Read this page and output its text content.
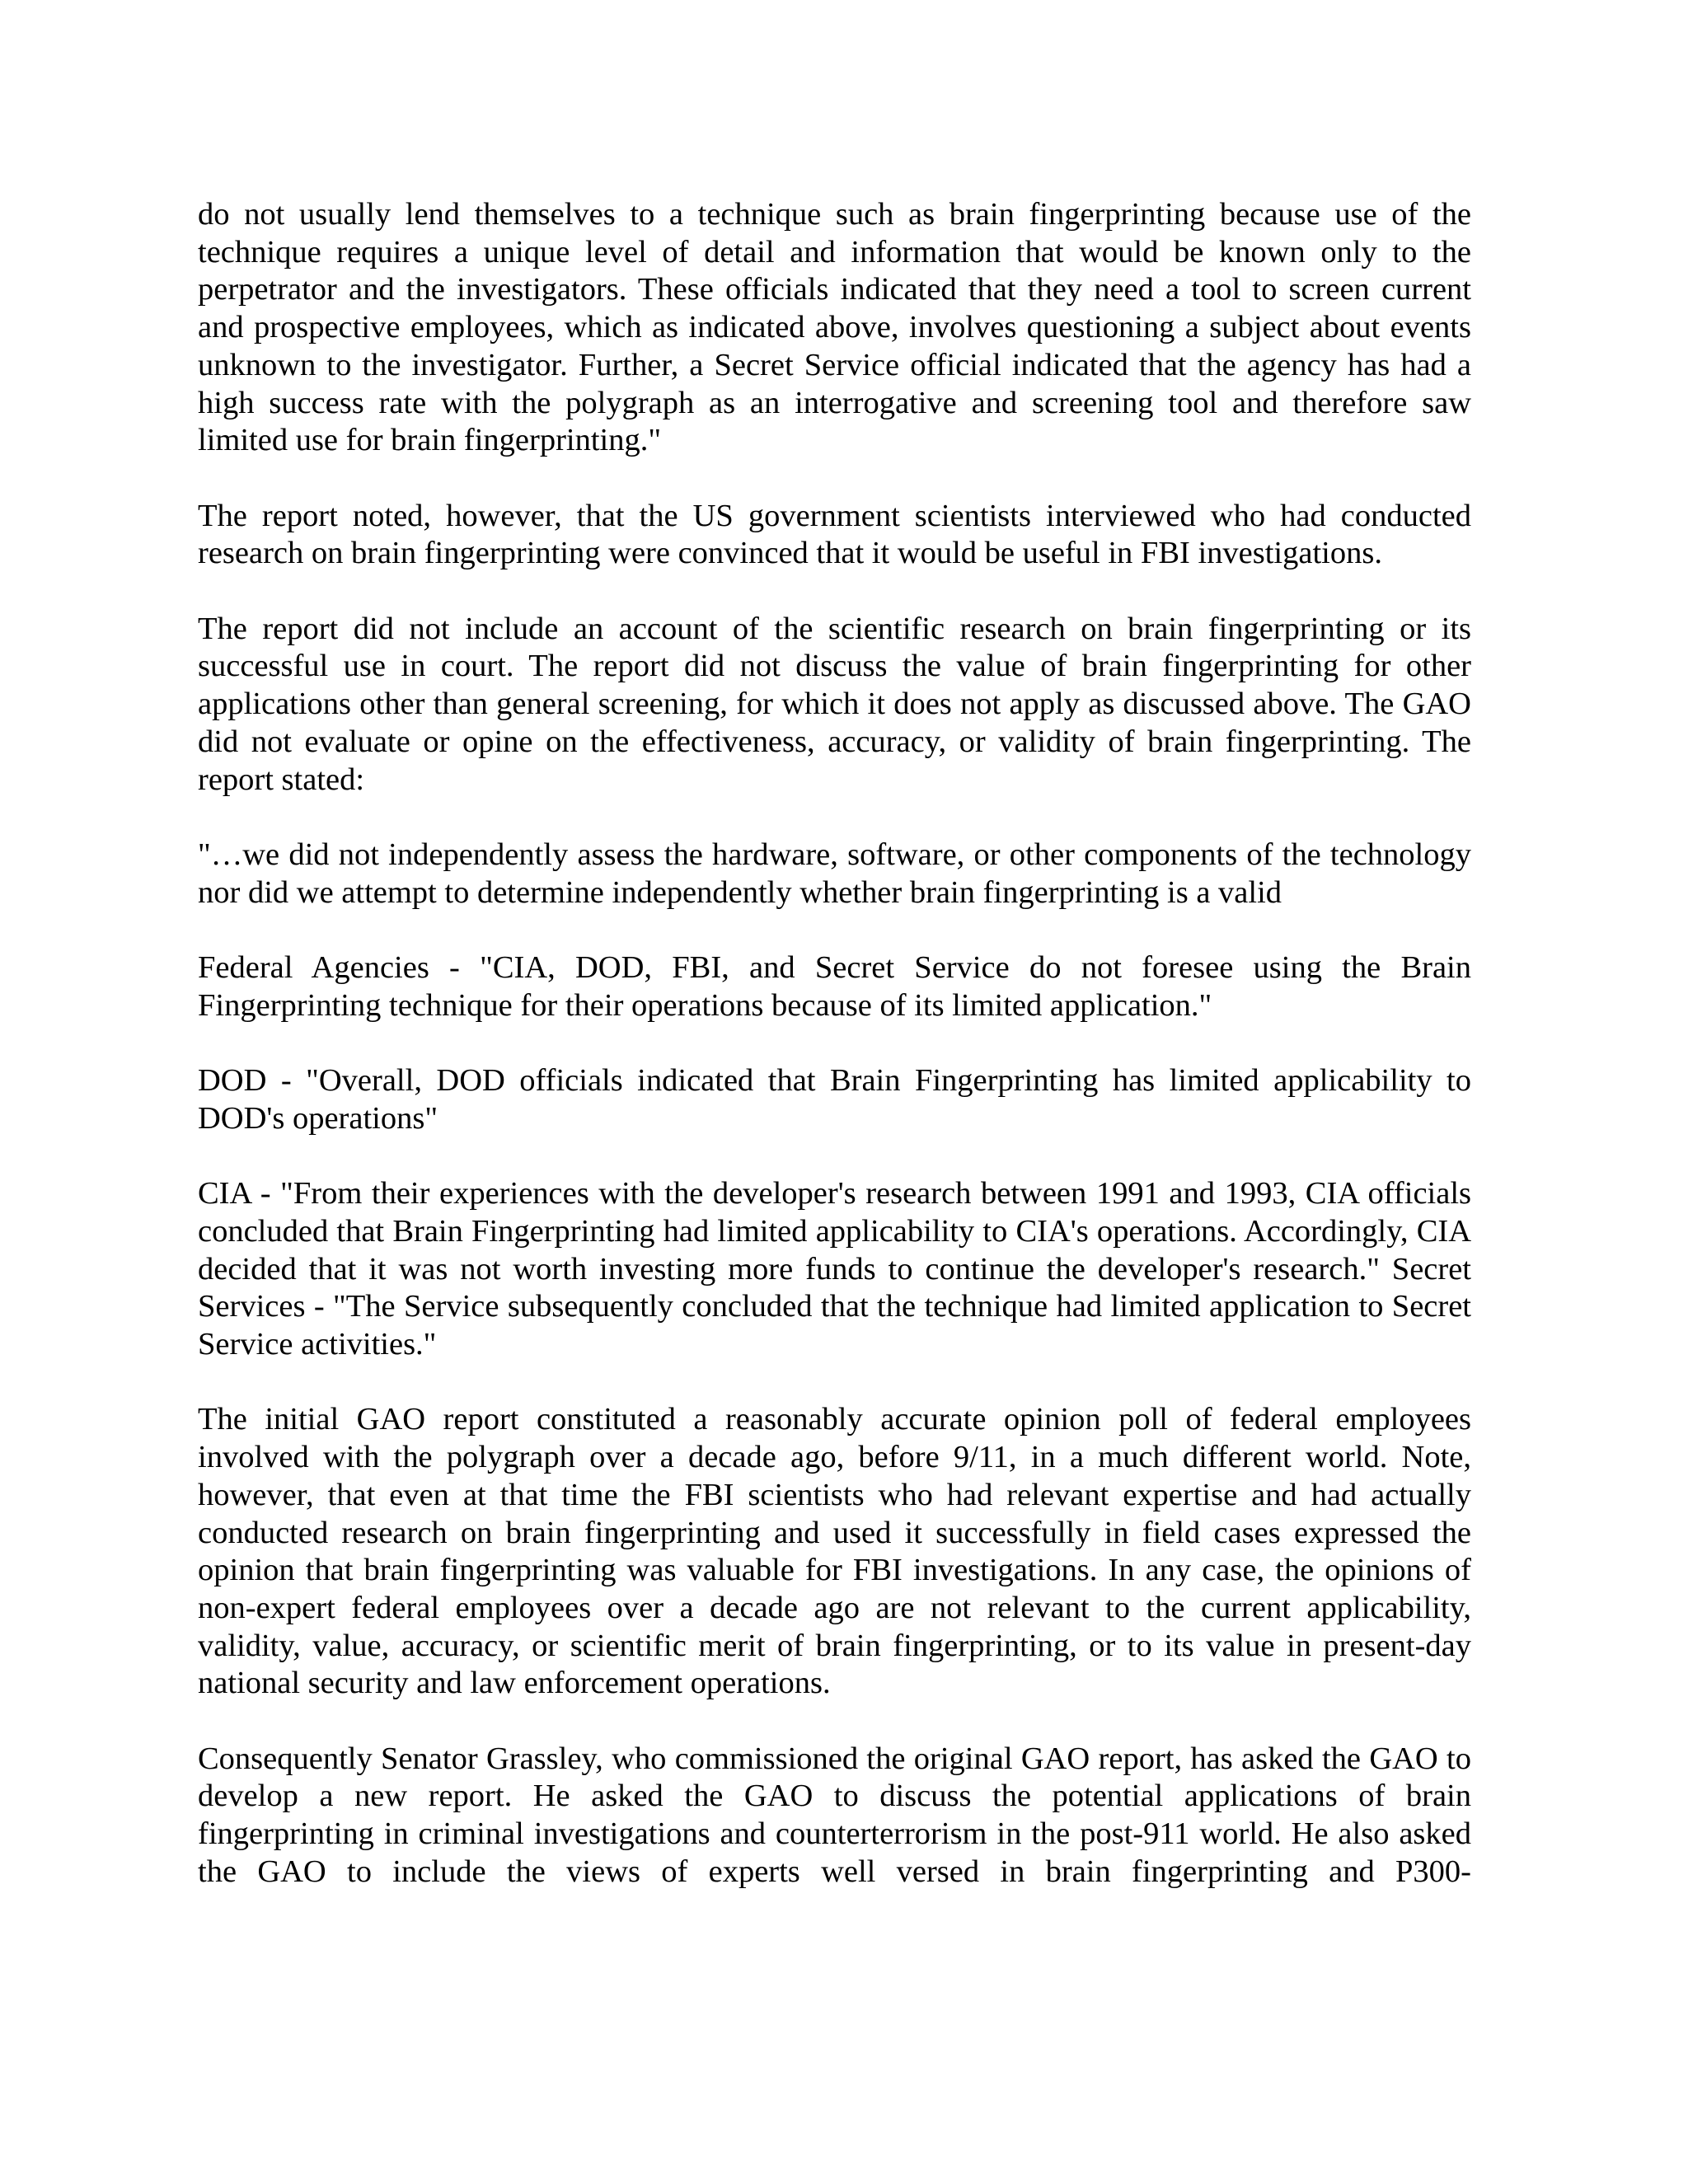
do not usually lend themselves to a technique such as brain fingerprinting because use of the technique requires a unique level of detail and information that would be known only to the perpetrator and the investigators. These officials indicated that they need a tool to screen current and prospective employees, which as indicated above, involves questioning a subject about events unknown to the investigator. Further, a Secret Service official indicated that the agency has had a high success rate with the polygraph as an interrogative and screening tool and therefore saw limited use for brain fingerprinting."

The report noted, however, that the US government scientists interviewed who had conducted research on brain fingerprinting were convinced that it would be useful in FBI investigations.

The report did not include an account of the scientific research on brain fingerprinting or its successful use in court. The report did not discuss the value of brain fingerprinting for other applications other than general screening, for which it does not apply as discussed above. The GAO did not evaluate or opine on the effectiveness, accuracy, or validity of brain fingerprinting. The report stated:

"…we did not independently assess the hardware, software, or other components of the technology nor did we attempt to determine independently whether brain fingerprinting is a valid

Federal Agencies - "CIA, DOD, FBI, and Secret Service do not foresee using the Brain Fingerprinting technique for their operations because of its limited application."

DOD - "Overall, DOD officials indicated that Brain Fingerprinting has limited applicability to DOD's operations"

CIA - "From their experiences with the developer's research between 1991 and 1993, CIA officials concluded that Brain Fingerprinting had limited applicability to CIA's operations. Accordingly, CIA decided that it was not worth investing more funds to continue the developer's research." Secret Services - "The Service subsequently concluded that the technique had limited application to Secret Service activities."

The initial GAO report constituted a reasonably accurate opinion poll of federal employees involved with the polygraph over a decade ago, before 9/11, in a much different world. Note, however, that even at that time the FBI scientists who had relevant expertise and had actually conducted research on brain fingerprinting and used it successfully in field cases expressed the opinion that brain fingerprinting was valuable for FBI investigations. In any case, the opinions of non-expert federal employees over a decade ago are not relevant to the current applicability, validity, value, accuracy, or scientific merit of brain fingerprinting, or to its value in present-day national security and law enforcement operations.

Consequently Senator Grassley, who commissioned the original GAO report, has asked the GAO to develop a new report. He asked the GAO to discuss the potential applications of brain fingerprinting in criminal investigations and counterterrorism in the post-911 world. He also asked the GAO to include the views of experts well versed in brain fingerprinting and P300-
